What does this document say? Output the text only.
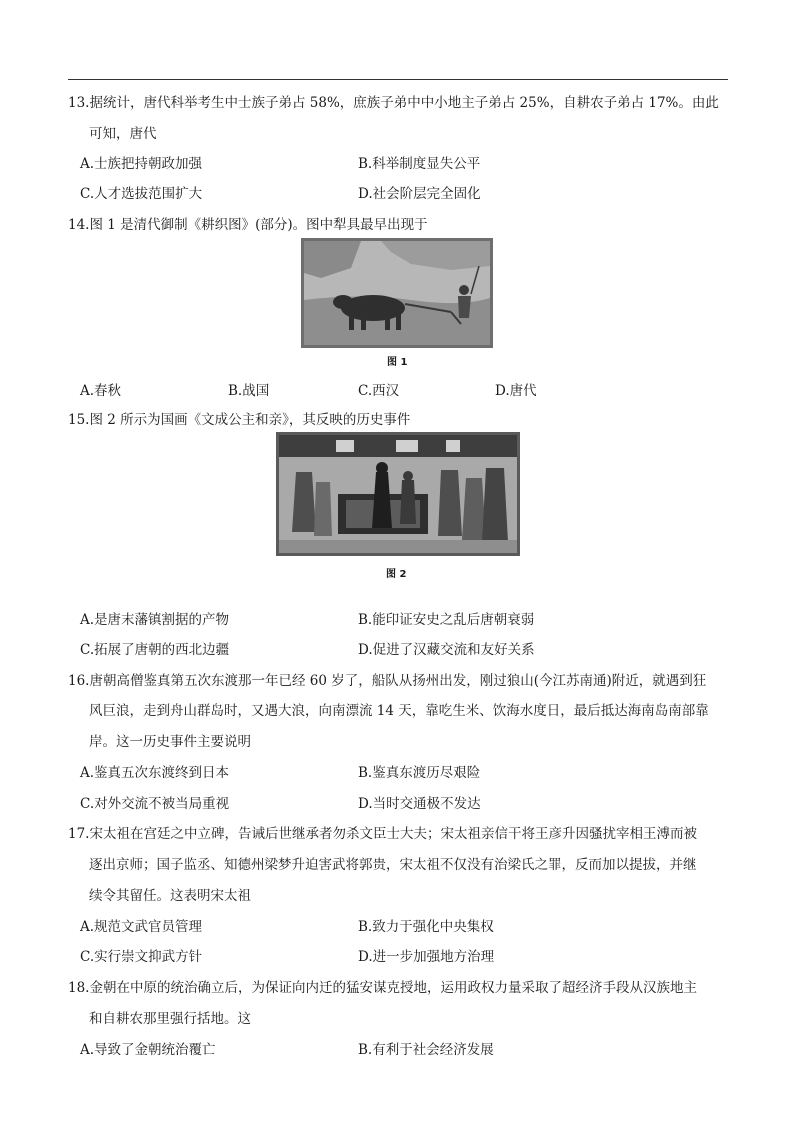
13.据统计，唐代科举考生中士族子弟占 58%，庶族子弟中中小地主子弟占 25%，自耕农子弟占 17%。由此
可知，唐代
A.士族把持朝政加强	B.科举制度显失公平
C.人才选拔范围扩大	D.社会阶层完全固化
14.图 1 是清代御制《耕织图》(部分)。图中犁具最早出现于
图 1
A.春秋	B.战国	C.西汉	D.唐代
15.图 2 所示为国画《文成公主和亲》，其反映的历史事件
图 2
A.是唐末藩镇割据的产物	B.能印证安史之乱后唐朝衰弱
C.拓展了唐朝的西北边疆	D.促进了汉藏交流和友好关系
16.唐朝高僧鉴真第五次东渡那一年已经 60 岁了，船队从扬州出发，刚过狼山(今江苏南通)附近，就遇到狂
风巨浪，走到舟山群岛时，又遇大浪，向南漂流 14 天，靠吃生米、饮海水度日，最后抵达海南岛南部靠
岸。这一历史事件主要说明
A.鉴真五次东渡终到日本	B.鉴真东渡历尽艰险
C.对外交流不被当局重视	D.当时交通极不发达
17.宋太祖在宫廷之中立碑，告诫后世继承者勿杀文臣士大夫；宋太祖亲信干将王彦升因骚扰宰相王溥而被
逐出京师；国子监丞、知德州梁梦升迫害武将郭贵，宋太祖不仅没有治梁氏之罪，反而加以提拔，并继
续令其留任。这表明宋太祖
A.规范文武官员管理	B.致力于强化中央集权
C.实行崇文抑武方针	D.进一步加强地方治理
18.金朝在中原的统治确立后，为保证向内迁的猛安谋克授地，运用政权力量采取了超经济手段从汉族地主
和自耕农那里强行括地。这
A.导致了金朝统治覆亡	B.有利于社会经济发展
